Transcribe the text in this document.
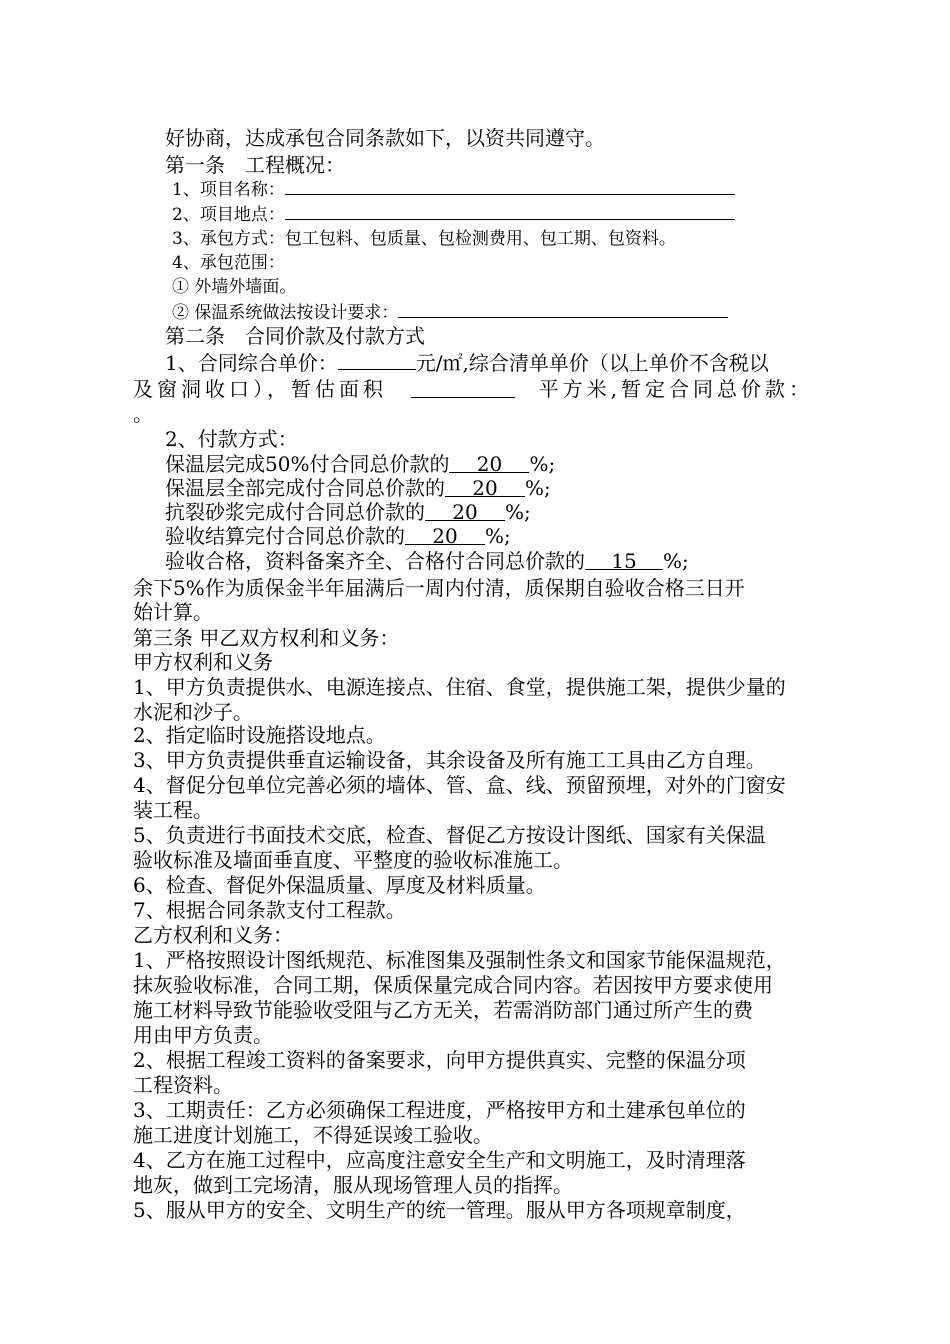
好协商，达成承包合同条款如下，以资共同遵守。
第一条　工程概况：
1、项目名称：
2、项目地点：
3、承包方式：包工包料、包质量、包检测费用、包工期、包资料。
4、承包范围：
① 外墙外墙面。
② 保温系统做法按设计要求：
第二条　合同价款及付款方式
1、合同综合单价：	元/㎡,综合清单单价（以上单价不含税以
及窗洞收口），暂估面积	平方米,暂定合同总价款：
。
2、付款方式：
保温层完成50%付合同总价款的 20 %;
保温层全部完成付合同总价款的 20 %;
抗裂砂浆完成付合同总价款的 20 %;
验收结算完付合同总价款的 20 %;
验收合格，资料备案齐全、合格付合同总价款的 15 %;
余下5%作为质保金半年届满后一周内付清，质保期自验收合格三日开
始计算。
第三条 甲乙双方权利和义务：
甲方权利和义务
1、甲方负责提供水、电源连接点、住宿、食堂，提供施工架，提供少量的
水泥和沙子。
2、指定临时设施搭设地点。
3、甲方负责提供垂直运输设备，其余设备及所有施工工具由乙方自理。
4、督促分包单位完善必须的墙体、管、盒、线、预留预埋，对外的门窗安
装工程。
5、负责进行书面技术交底，检查、督促乙方按设计图纸、国家有关保温
验收标准及墙面垂直度、平整度的验收标准施工。
6、检查、督促外保温质量、厚度及材料质量。
7、根据合同条款支付工程款。
乙方权利和义务：
1、严格按照设计图纸规范、标准图集及强制性条文和国家节能保温规范，
抹灰验收标准，合同工期，保质保量完成合同内容。若因按甲方要求使用
施工材料导致节能验收受阻与乙方无关，若需消防部门通过所产生的费
用由甲方负责。
2、根据工程竣工资料的备案要求，向甲方提供真实、完整的保温分项
工程资料。
3、工期责任：乙方必须确保工程进度，严格按甲方和土建承包单位的
施工进度计划施工，不得延误竣工验收。
4、乙方在施工过程中，应高度注意安全生产和文明施工，及时清理落
地灰，做到工完场清，服从现场管理人员的指挥。
5、服从甲方的安全、文明生产的统一管理。服从甲方各项规章制度，
